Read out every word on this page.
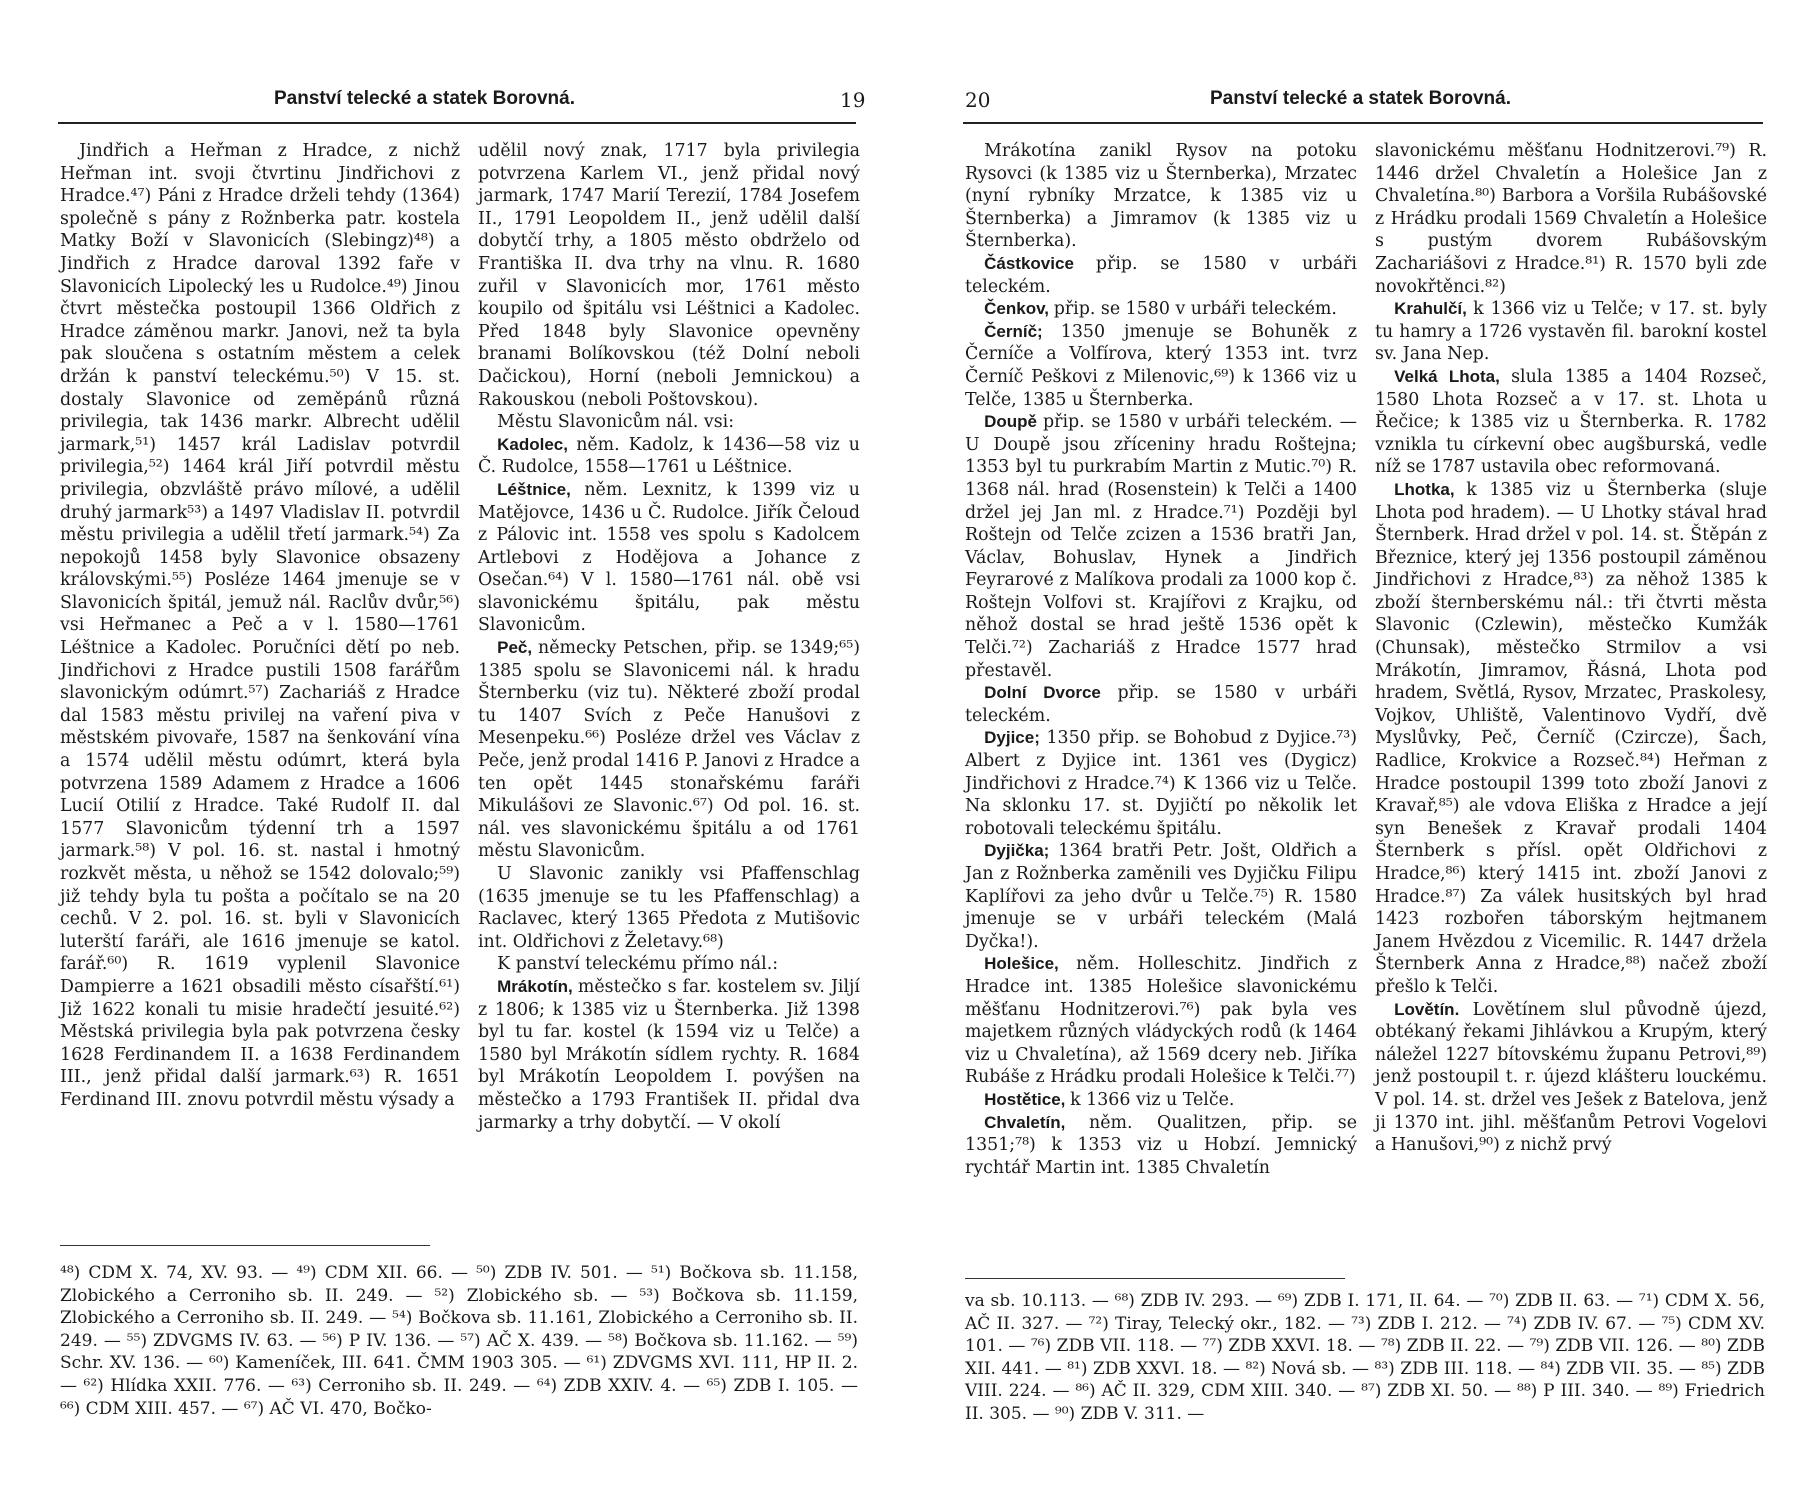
Panství telecké a statek Borovná.	19

Jindřich a Heřman z Hradce, z nichž Heřman int. svoji čtvrtinu Jindřichovi z Hradce.⁴⁷) Páni z Hradce drželi tehdy (1364) společně s pány z Rožnberka patr. kostela Matky Boží v Slavonicích (Slebingz)⁴⁸) a Jindřich z Hradce daroval 1392 faře v Slavonicích Lipolecký les u Rudolce.⁴⁹) Jinou čtvrt městečka postoupil 1366 Oldřich z Hradce záměnou markr. Janovi, než ta byla pak sloučena s ostatním městem a celek držán k panství teleckému.⁵⁰) V 15. st. dostaly Slavonice od zeměpánů různá privilegia, tak 1436 markr. Albrecht udělil jarmark,⁵¹) 1457 král Ladislav potvrdil privilegia,⁵²) 1464 král Jiří potvrdil městu privilegia, obzvláště právo mílové, a udělil druhý jarmark⁵³) a 1497 Vladislav II. potvrdil městu privilegia a udělil třetí jarmark.⁵⁴) Za nepokojů 1458 byly Slavonice obsazeny královskými.⁵⁵) Posléze 1464 jmenuje se v Slavonicích špitál, jemuž nál. Raclův dvůr,⁵⁶) vsi Heřmanec a Peč a v l. 1580—1761 Léštnice a Kadolec. Poručníci dětí po neb. Jindřichovi z Hradce pustili 1508 farářům slavonickým odúmrt.⁵⁷) Zachariáš z Hradce dal 1583 městu privilej na vaření piva v městském pivovaře, 1587 na šenkování vína a 1574 udělil městu odúmrt, která byla potvrzena 1589 Adamem z Hradce a 1606 Lucií Otilií z Hradce. Také Rudolf II. dal 1577 Slavonicům týdenní trh a 1597 jarmark.⁵⁸) V pol. 16. st. nastal i hmotný rozkvět města, u něhož se 1542 dolovalo;⁵⁹) již tehdy byla tu pošta a počítalo se na 20 cechů. V 2. pol. 16. st. byli v Slavonicích luterští faráři, ale 1616 jmenuje se katol. farář.⁶⁰) R. 1619 vyplenil Slavonice Dampierre a 1621 obsadili město císařští.⁶¹) Již 1622 konali tu misie hradečtí jesuité.⁶²) Městská privilegia byla pak potvrzena česky 1628 Ferdinandem II. a 1638 Ferdinandem III., jenž přidal další jarmark.⁶³) R. 1651 Ferdinand III. znovu potvrdil městu výsady a

udělil nový znak, 1717 byla privilegia potvrzena Karlem VI., jenž přidal nový jarmark, 1747 Marií Terezií, 1784 Josefem II., 1791 Leopoldem II., jenž udělil další dobytčí trhy, a 1805 město obdrželo od Františka II. dva trhy na vlnu. R. 1680 zuřil v Slavonicích mor, 1761 město koupilo od špitálu vsi Léštnici a Kadolec. Před 1848 byly Slavonice opevněny branami Bolíkovskou (též Dolní neboli Dačickou), Horní (neboli Jemnickou) a Rakouskou (neboli Poštovskou).

Městu Slavonicům nál. vsi:

Kadolec, něm. Kadolz, k 1436—58 viz u Č. Rudolce, 1558—1761 u Léštnice.

Léštnice, něm. Lexnitz, k 1399 viz u Matějovce, 1436 u Č. Rudolce. Jiřík Čeloud z Pálovic int. 1558 ves spolu s Kadolcem Artlebovi z Hodějova a Johance z Osečan.⁶⁴) V l. 1580—1761 nál. obě vsi slavonickému špitálu, pak městu Slavonicům.

Peč, německy Petschen, přip. se 1349;⁶⁵) 1385 spolu se Slavonicemi nál. k hradu Šternberku (viz tu). Některé zboží prodal tu 1407 Svích z Peče Hanušovi z Mesenpeku.⁶⁶) Posléze držel ves Václav z Peče, jenž prodal 1416 P. Janovi z Hradce a ten opět 1445 stonařskému faráři Mikulášovi ze Slavonic.⁶⁷) Od pol. 16. st. nál. ves slavonickému špitálu a od 1761 městu Slavonicům.

U Slavonic zanikly vsi Pfaffenschlag (1635 jmenuje se tu les Pfaffenschlag) a Raclavec, který 1365 Předota z Mutišovic int. Oldřichovi z Želetavy.⁶⁸)

K panství teleckému přímo nál.:

Mrákotín, městečko s far. kostelem sv. Jiljí z 1806; k 1385 viz u Šternberka. Již 1398 byl tu far. kostel (k 1594 viz u Telče) a 1580 byl Mrákotín sídlem rychty. R. 1684 byl Mrákotín Leopoldem I. povýšen na městečko a 1793 František II. přidal dva jarmarky a trhy dobytčí. — V okolí

⁴⁸) CDM X. 74, XV. 93. — ⁴⁹) CDM XII. 66. — ⁵⁰) ZDB IV. 501. — ⁵¹) Bočkova sb. 11.158, Zlobického a Cerroniho sb. II. 249. — ⁵²) Zlobického sb. — ⁵³) Bočkova sb. 11.159, Zlobického a Cerroniho sb. II. 249. — ⁵⁴) Bočkova sb. 11.161, Zlobického a Cerroniho sb. II. 249. — ⁵⁵) ZDVGMS IV. 63. — ⁵⁶) P IV. 136. — ⁵⁷) AČ X. 439. — ⁵⁸) Bočkova sb. 11.162. — ⁵⁹) Schr. XV. 136. — ⁶⁰) Kameníček, III. 641. ČMM 1903 305. — ⁶¹) ZDVGMS XVI. 111, HP II. 2. — ⁶²) Hlídka XXII. 776. — ⁶³) Cerroniho sb. II. 249. — ⁶⁴) ZDB XXIV. 4. — ⁶⁵) ZDB I. 105. — ⁶⁶) CDM XIII. 457. — ⁶⁷) AČ VI. 470, Bočko-
20	Panství telecké a statek Borovná.

Mrákotína zanikl Rysov na potoku Rysovci (k 1385 viz u Šternberka), Mrzatec (nyní rybníky Mrzatce, k 1385 viz u Šternberka) a Jimramov (k 1385 viz u Šternberka).

Částkovice přip. se 1580 v urbáři teleckém.

Čenkov, přip. se 1580 v urbáři teleckém.

Černíč; 1350 jmenuje se Bohuněk z Černíče a Volfírova, který 1353 int. tvrz Černíč Peškovi z Milenovic,⁶⁹) k 1366 viz u Telče, 1385 u Šternberka.

Doupě přip. se 1580 v urbáři teleckém. — U Doupě jsou zříceniny hradu Roštejna; 1353 byl tu purkrabím Martin z Mutic.⁷⁰) R. 1368 nál. hrad (Rosenstein) k Telči a 1400 držel jej Jan ml. z Hradce.⁷¹) Později byl Roštejn od Telče zcizen a 1536 bratři Jan, Václav, Bohuslav, Hynek a Jindřich Feyrarové z Malíkova prodali za 1000 kop č. Roštejn Volfovi st. Krajířovi z Krajku, od něhož dostal se hrad ještě 1536 opět k Telči.⁷²) Zachariáš z Hradce 1577 hrad přestavěl.

Dolní Dvorce přip. se 1580 v urbáři teleckém.

Dyjice; 1350 přip. se Bohobud z Dyjice.⁷³) Albert z Dyjice int. 1361 ves (Dygicz) Jindřichovi z Hradce.⁷⁴) K 1366 viz u Telče. Na sklonku 17. st. Dyjičtí po několik let robotovali teleckému špitálu.

Dyjička; 1364 bratři Petr. Jošt, Oldřich a Jan z Rožnberka zaměnili ves Dyjičku Filipu Kaplířovi za jeho dvůr u Telče.⁷⁵) R. 1580 jmenuje se v urbáři teleckém (Malá Dyčka!).

Holešice, něm. Holleschitz. Jindřich z Hradce int. 1385 Holešice slavonickému měšťanu Hodnitzerovi.⁷⁶) pak byla ves majetkem různých vládyckých rodů (k 1464 viz u Chvaletína), až 1569 dcery neb. Jiříka Rubáše z Hrádku prodali Holešice k Telči.⁷⁷)

Hostětice, k 1366 viz u Telče.

Chvaletín, něm. Qualitzen, přip. se 1351;⁷⁸) k 1353 viz u Hobzí. Jemnický rychtář Martin int. 1385 Chvaletín

slavonickému měšťanu Hodnitzerovi.⁷⁹) R. 1446 držel Chvaletín a Holešice Jan z Chvaletína.⁸⁰) Barbora a Voršila Rubášovské z Hrádku prodali 1569 Chvaletín a Holešice s pustým dvorem Rubášovským Zachariášovi z Hradce.⁸¹) R. 1570 byli zde novokřtěnci.⁸²)

Krahulčí, k 1366 viz u Telče; v 17. st. byly tu hamry a 1726 vystavěn fil. barokní kostel sv. Jana Nep.

Velká Lhota, slula 1385 a 1404 Rozseč, 1580 Lhota Rozseč a v 17. st. Lhota u Řečice; k 1385 viz u Šternberka. R. 1782 vznikla tu církevní obec augšburská, vedle níž se 1787 ustavila obec reformovaná.

Lhotka, k 1385 viz u Šternberka (sluje Lhota pod hradem). — U Lhotky stával hrad Šternberk. Hrad držel v pol. 14. st. Štěpán z Březnice, který jej 1356 postoupil záměnou Jindřichovi z Hradce,⁸³) za něhož 1385 k zboží šternberskému nál.: tři čtvrti města Slavonic (Czlewin), městečko Kumžák (Chunsak), městečko Strmilov a vsi Mrákotín, Jimramov, Řásná, Lhota pod hradem, Světlá, Rysov, Mrzatec, Praskolesy, Vojkov, Uhliště, Valentinovo Vydří, dvě Myslůvky, Peč, Černíč (Czirczе), Šach, Radlice, Krokvice a Rozseč.⁸⁴) Heřman z Hradce postoupil 1399 toto zboží Janovi z Kravař,⁸⁵) ale vdova Eliška z Hradce a její syn Benešek z Kravař prodali 1404 Šternberk s přísl. opět Oldřichovi z Hradce,⁸⁶) který 1415 int. zboží Janovi z Hradce.⁸⁷) Za válek husitských byl hrad 1423 rozbořen táborským hejtmanem Janem Hvězdou z Vicemilic. R. 1447 držela Šternberk Anna z Hradce,⁸⁸) načež zboží přešlo k Telči.

Lovětín. Lovětínem slul původně újezd, obtékaný řekami Jihlávkou a Krupým, který náležel 1227 bítovskému županu Petrovi,⁸⁹) jenž postoupil t. r. újezd klášteru louckému. V pol. 14. st. držel ves Ješek z Batelova, jenž ji 1370 int. jihl. měšťanům Petrovi Vogelovi a Hanušovi,⁹⁰) z nichž prvý

va sb. 10.113. — ⁶⁸) ZDB IV. 293. — ⁶⁹) ZDB I. 171, II. 64. — ⁷⁰) ZDB II. 63. — ⁷¹) CDM X. 56, AČ II. 327. — ⁷²) Tiray, Telecký okr., 182. — ⁷³) ZDB I. 212. — ⁷⁴) ZDB IV. 67. — ⁷⁵) CDM XV. 101. — ⁷⁶) ZDB VII. 118. — ⁷⁷) ZDB XXVI. 18. — ⁷⁸) ZDB II. 22. — ⁷⁹) ZDB VII. 126. — ⁸⁰) ZDB XII. 441. — ⁸¹) ZDB XXVI. 18. — ⁸²) Nová sb. — ⁸³) ZDB III. 118. — ⁸⁴) ZDB VII. 35. — ⁸⁵) ZDB VIII. 224. — ⁸⁶) AČ II. 329, CDM XIII. 340. — ⁸⁷) ZDB XI. 50. — ⁸⁸) P III. 340. — ⁸⁹) Friedrich II. 305. — ⁹⁰) ZDB V. 311. —
